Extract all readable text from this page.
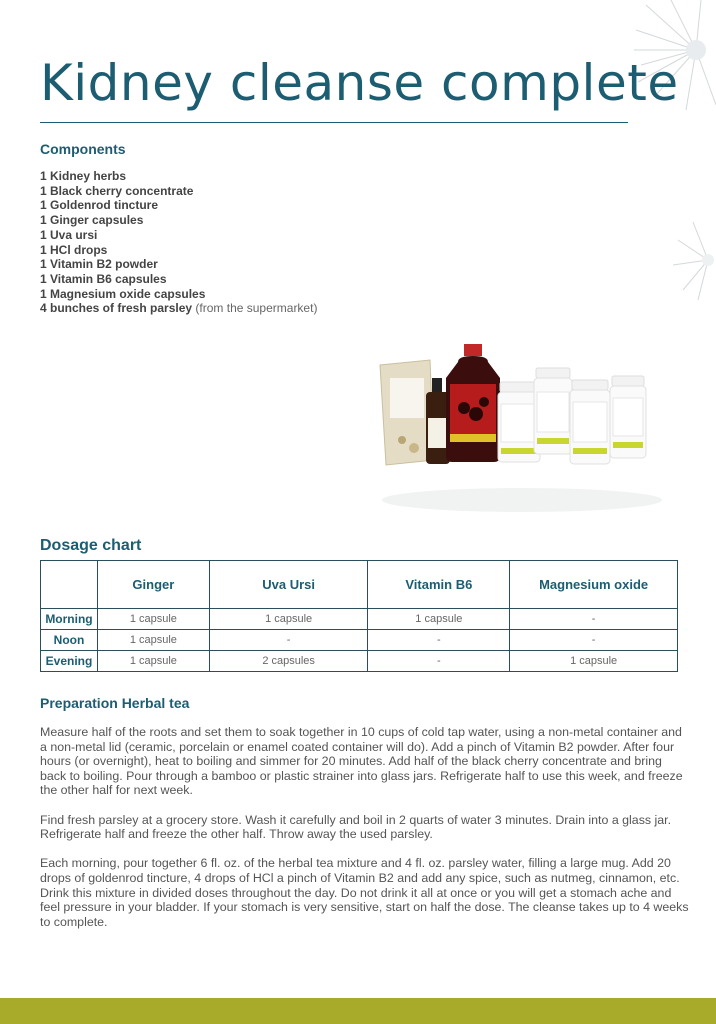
Kidney cleanse complete
Components
1 Kidney herbs
1 Black cherry concentrate
1 Goldenrod tincture
1 Ginger capsules
1 Uva ursi
1 HCl drops
1 Vitamin B2 powder
1 Vitamin B6 capsules
1 Magnesium oxide capsules
4 bunches of fresh parsley (from the supermarket)
Dosage chart
	Ginger	Uva Ursi	Vitamin B6	Magnesium oxide
Morning	1 capsule	1 capsule	1 capsule	-
Noon	1 capsule	-	-	-
Evening	1 capsule	2 capsules	-	1 capsule
Preparation Herbal tea

Measure half of the roots and set them to soak together in 10 cups of cold tap water, using a non-metal container and a non-metal lid (ceramic, porcelain or enamel coated container will do). Add a pinch of Vitamin B2 powder. After four hours (or overnight), heat to boiling and simmer for 20 minutes. Add half of the black cherry concentrate and bring back to boiling. Pour through a bamboo or plastic strainer into glass jars. Refrigerate half to use this week, and freeze the other half for next week.

Find fresh parsley at a grocery store. Wash it carefully and boil in 2 quarts of water 3 minutes. Drain into a glass jar. Refrigerate half and freeze the other half. Throw away the used parsley.

Each morning, pour together 6 fl. oz. of the herbal tea mixture and 4 fl. oz. parsley water, filling a large mug. Add 20 drops of goldenrod tincture, 4 drops of HCl a pinch of Vitamin B2 and add any spice, such as nutmeg, cinnamon, etc. Drink this mixture in divided doses throughout the day. Do not drink it all at once or you will get a stomach ache and feel pressure in your bladder. If your stomach is very sensitive, start on half the dose. The cleanse takes up to 4 weeks to complete.
